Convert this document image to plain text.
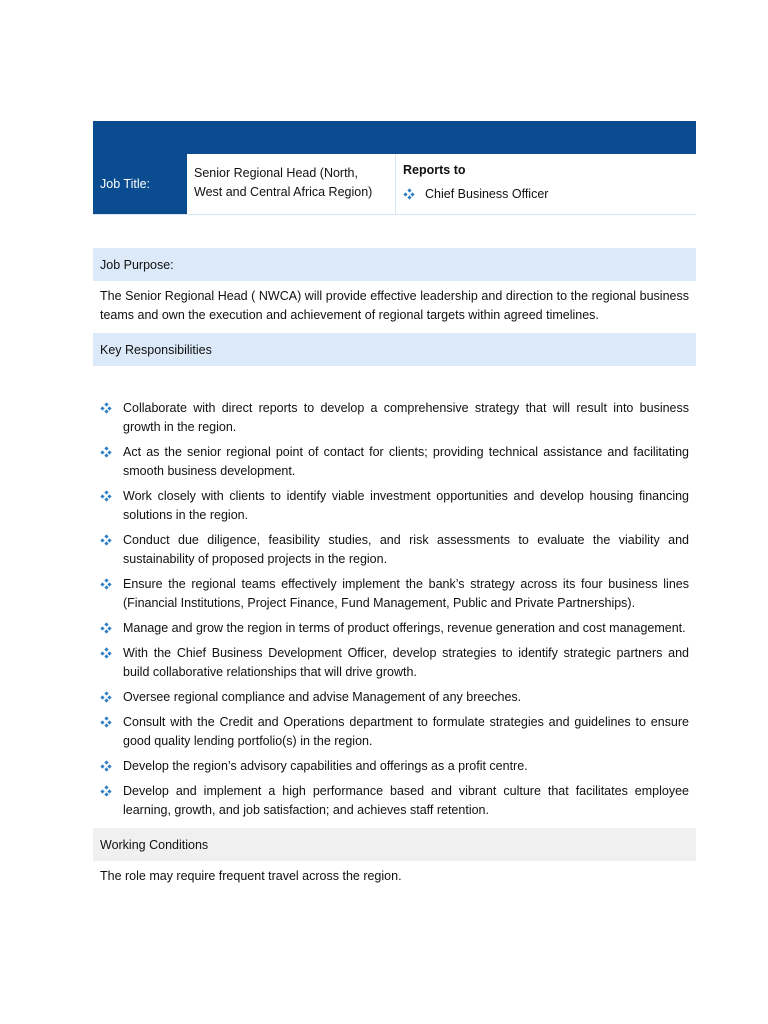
Job Title:
Senior Regional Head (North, West and Central Africa Region)
Reports to
Chief Business Officer
Job Purpose:
The Senior Regional Head ( NWCA) will provide effective leadership and direction to the regional business teams and own the execution and achievement of regional targets within agreed timelines.
Key Responsibilities
Collaborate with direct reports to develop a comprehensive strategy that will result into business growth in the region.
Act as the senior regional point of contact for clients; providing technical assistance and facilitating smooth business development.
Work closely with clients to identify viable investment opportunities and develop housing financing solutions in the region.
Conduct due diligence, feasibility studies, and risk assessments to evaluate the viability and sustainability of proposed projects in the region.
Ensure the regional teams effectively implement the bank’s strategy across its four business lines (Financial Institutions, Project Finance, Fund Management, Public and Private Partnerships).
Manage and grow the region in terms of product offerings, revenue generation and cost management.
With the Chief Business Development Officer, develop strategies to identify strategic partners and build collaborative relationships that will drive growth.
Oversee regional compliance and advise Management of any breeches.
Consult with the Credit and Operations department to formulate strategies and guidelines to ensure good quality lending portfolio(s) in the region.
Develop the region’s advisory capabilities and offerings as a profit centre.
Develop and implement a high performance based and vibrant culture that facilitates employee learning, growth, and job satisfaction; and achieves staff retention.
Working Conditions
The role may require frequent travel across the region.
